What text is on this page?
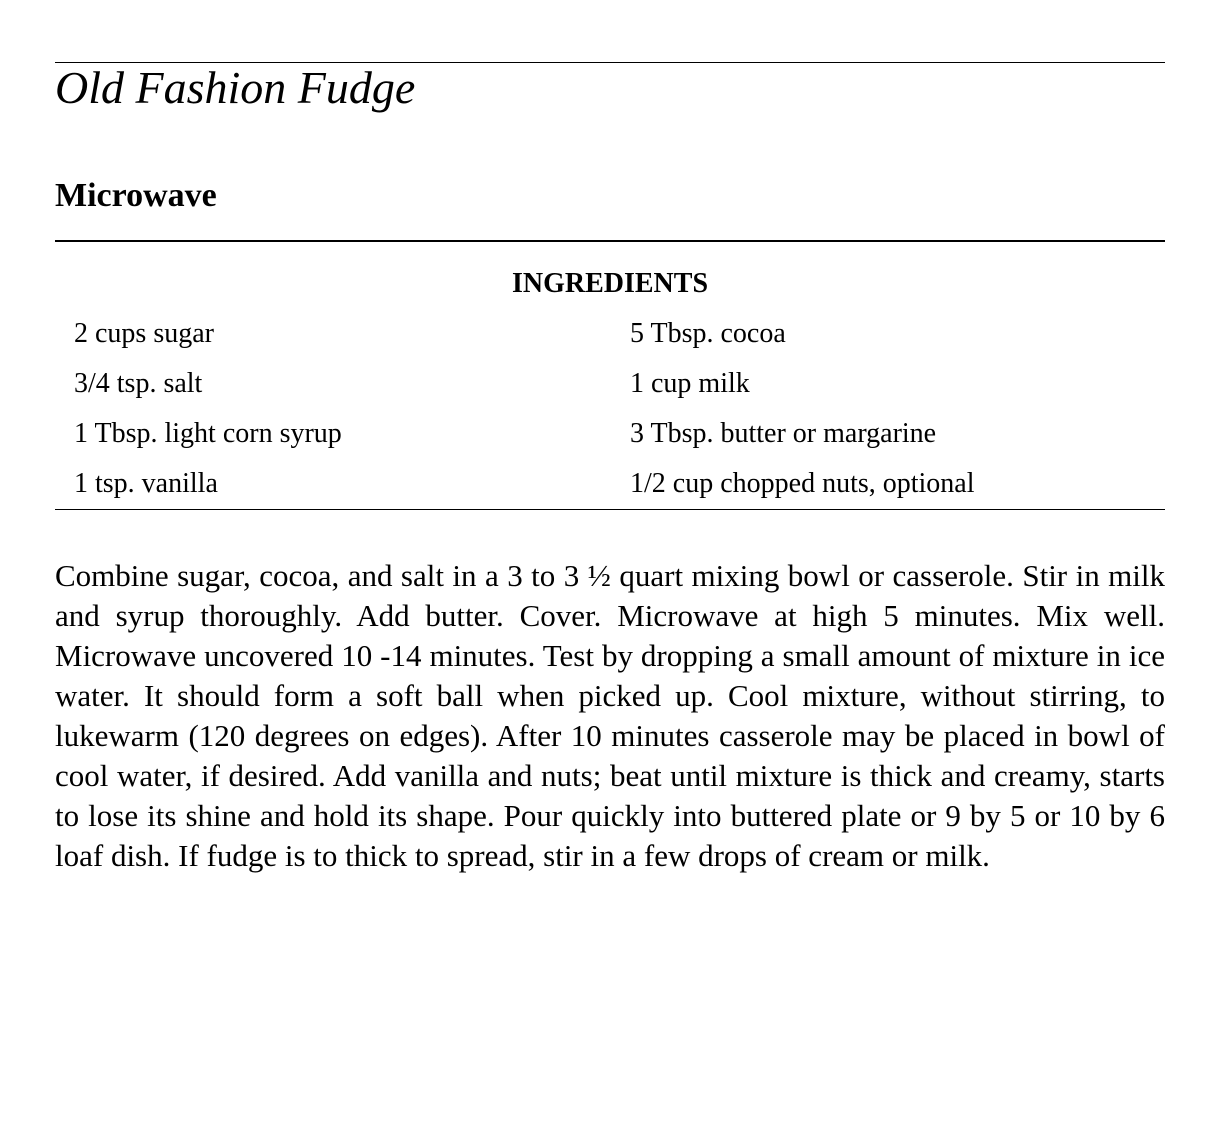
Old Fashion Fudge
Microwave
INGREDIENTS
2 cups sugar	5 Tbsp. cocoa
3/4 tsp. salt	1 cup milk
1 Tbsp. light corn syrup	3 Tbsp. butter or margarine
1 tsp. vanilla	1/2 cup chopped nuts, optional

Combine sugar, cocoa, and salt in a 3 to 3 ½ quart mixing bowl or casserole. Stir in milk and syrup thoroughly. Add butter. Cover. Microwave at high 5 minutes. Mix well. Microwave uncovered 10 -14 minutes. Test by dropping a small amount of mixture in ice water. It should form a soft ball when picked up. Cool mixture, without stirring, to lukewarm (120 degrees on edges). After 10 minutes casserole may be placed in bowl of cool water, if desired. Add vanilla and nuts; beat until mixture is thick and creamy, starts to lose its shine and hold its shape. Pour quickly into buttered plate or 9 by 5 or 10 by 6 loaf dish. If fudge is to thick to spread, stir in a few drops of cream or milk.
